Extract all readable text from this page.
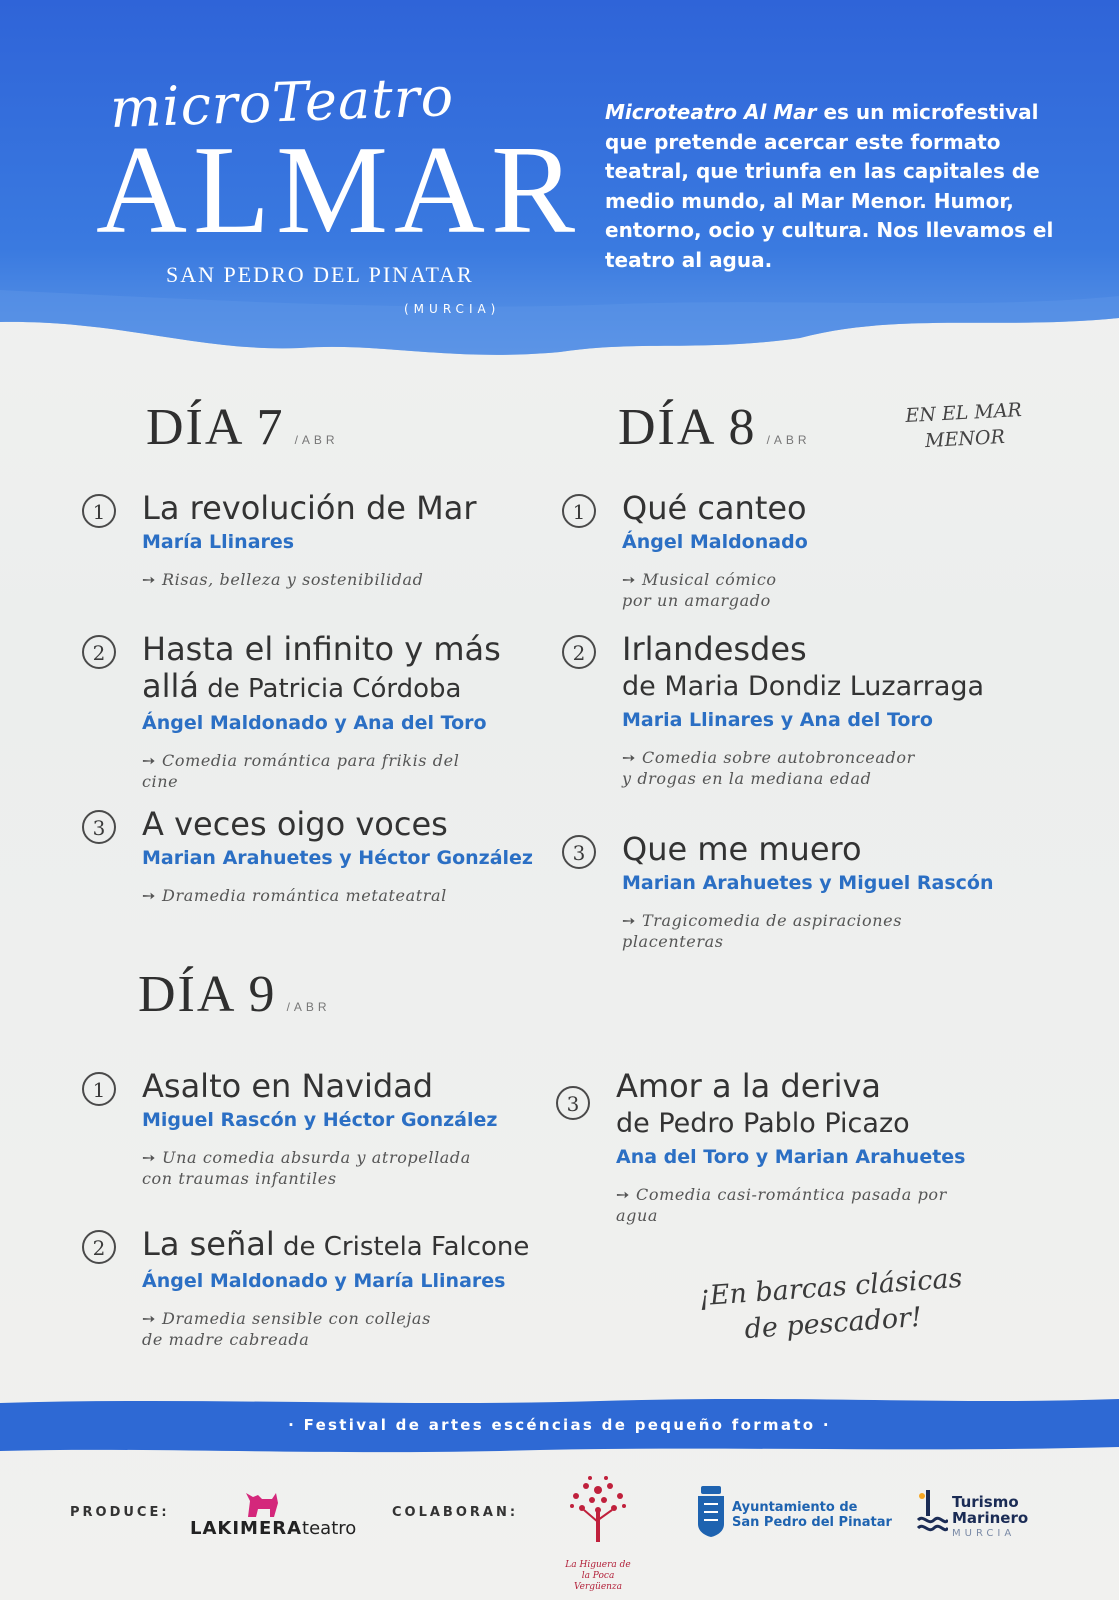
microTeatro
ALMAR
SAN PEDRO DEL PINATAR
(MURCIA)
Microteatro Al Mar es un microfestival que pretende acercar este formato teatral, que triunfa en las capitales de medio mundo, al Mar Menor. Humor, entorno, ocio y cultura. Nos llevamos el teatro al agua.
EN EL MAR
MENOR
DÍA 7 /ABR
1	La revolución de Mar
María Llinares
➙ Risas, belleza y sostenibilidad
2	Hasta el infinito y más
allá de Patricia Córdoba
Ángel Maldonado y Ana del Toro
➙ Comedia romántica para frikis del cine
3	A veces oigo voces
Marian Arahuetes y Héctor González
➙ Dramedia romántica metateatral
DÍA 8 /ABR
1	Qué canteo
Ángel Maldonado
➙ Musical cómico por un amargado
2	Irlandesdes
de Maria Dondiz Luzarraga
Maria Llinares y Ana del Toro
➙ Comedia sobre autobronceador
y drogas en la mediana edad
3	Que me muero
Marian Arahuetes y Miguel Rascón
➙ Tragicomedia de aspiraciones
placenteras
DÍA 9 /ABR
1	Asalto en Navidad
Miguel Rascón y Héctor González
➙ Una comedia absurda y atropellada
con traumas infantiles
2	La señal de Cristela Falcone
Ángel Maldonado y María Llinares
➙ Dramedia sensible con collejas
de madre cabreada
3	Amor a la deriva
de Pedro Pablo Picazo
Ana del Toro y Marian Arahuetes
➙ Comedia casi-romántica pasada por agua
¡En barcas clásicas
de pescador!
· Festival de artes escéncias de pequeño formato ·
PRODUCE:
LAKIMERAteatro
COLABORAN:
La Higuera de la Poca Vergüenza
Ayuntamiento de
San Pedro del Pinatar
Turismo
Marinero
MURCIA
